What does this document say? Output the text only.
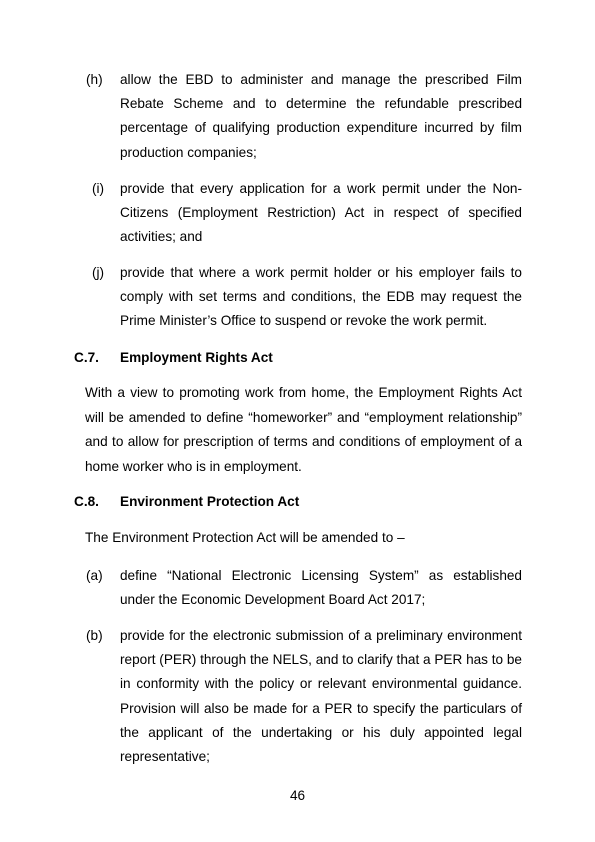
(h) allow the EBD to administer and manage the prescribed Film Rebate Scheme and to determine the refundable prescribed percentage of qualifying production expenditure incurred by film production companies;

(i) provide that every application for a work permit under the Non-Citizens (Employment Restriction) Act in respect of specified activities; and

(j) provide that where a work permit holder or his employer fails to comply with set terms and conditions, the EDB may request the Prime Minister’s Office to suspend or revoke the work permit.

C.7. Employment Rights Act

With a view to promoting work from home, the Employment Rights Act will be amended to define “homeworker” and “employment relationship” and to allow for prescription of terms and conditions of employment of a home worker who is in employment.

C.8. Environment Protection Act

The Environment Protection Act will be amended to –

(a) define “National Electronic Licensing System” as established under the Economic Development Board Act 2017;

(b) provide for the electronic submission of a preliminary environment report (PER) through the NELS, and to clarify that a PER has to be in conformity with the policy or relevant environmental guidance. Provision will also be made for a PER to specify the particulars of the applicant of the undertaking or his duly appointed legal representative;

46
